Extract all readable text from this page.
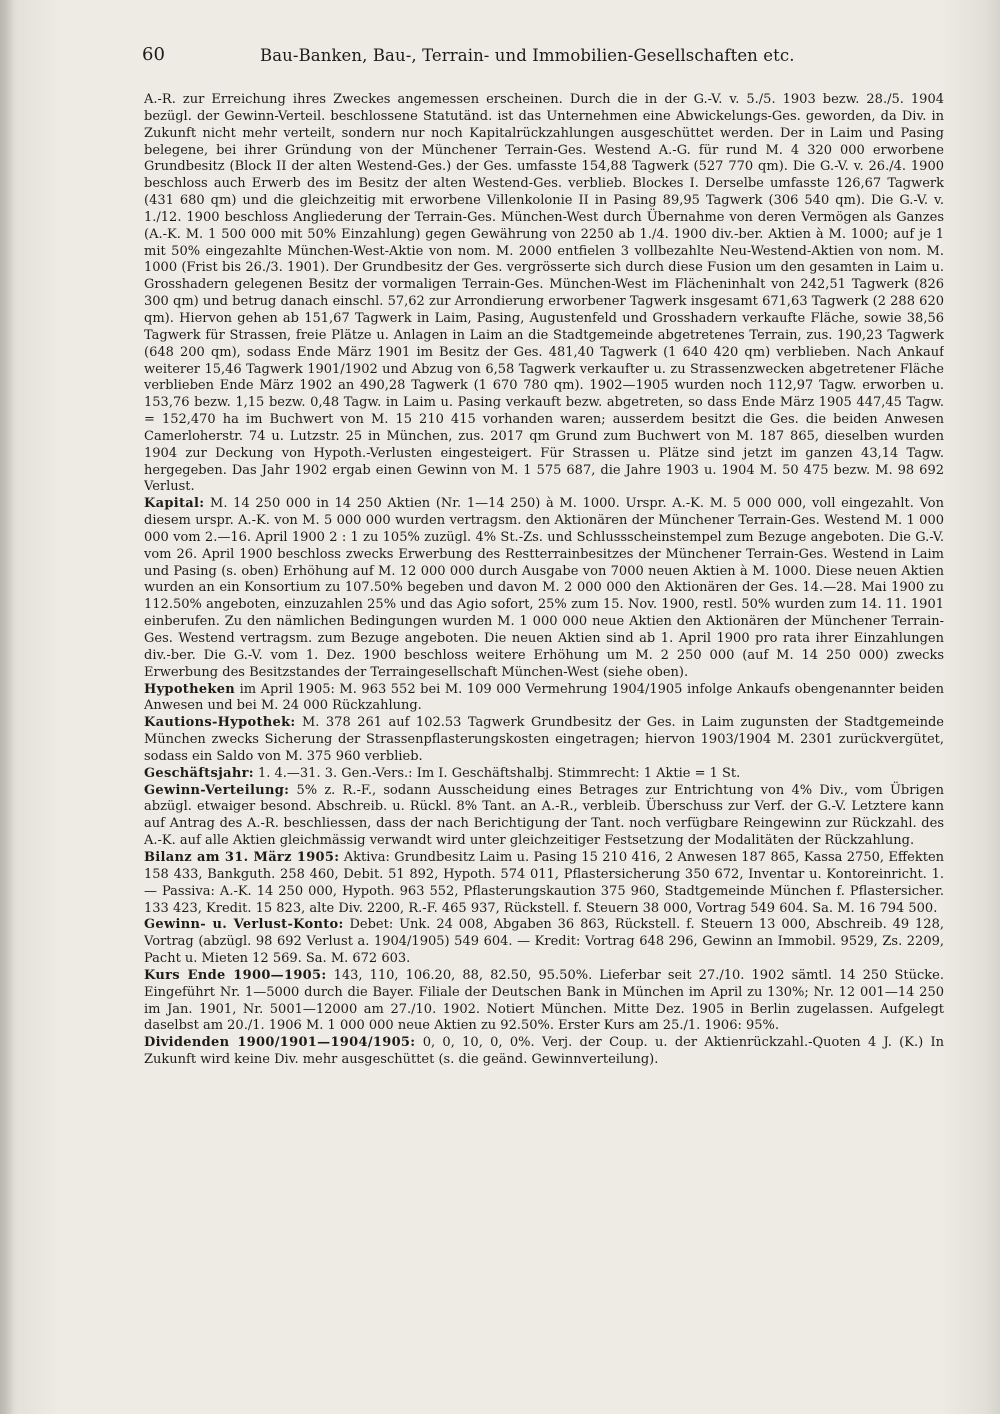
60	Bau-Banken, Bau-, Terrain- und Immobilien-Gesellschaften etc.

A.-R. zur Erreichung ihres Zweckes angemessen erscheinen. Durch die in der G.-V. v. 5./5. 1903 bezw. 28./5. 1904 bezügl. der Gewinn-Verteil. beschlossene Statutänd. ist das Unternehmen eine Abwickelungs-Ges. geworden, da Div. in Zukunft nicht mehr verteilt, sondern nur noch Kapitalrückzahlungen ausgeschüttet werden. Der in Laim und Pasing belegene, bei ihrer Gründung von der Münchener Terrain-Ges. Westend A.-G. für rund M. 4 320 000 erworbene Grundbesitz (Block II der alten Westend-Ges.) der Ges. umfasste 154,88 Tagwerk (527 770 qm). Die G.-V. v. 26./4. 1900 beschloss auch Erwerb des im Besitz der alten Westend-Ges. verblieb. Blockes I. Derselbe umfasste 126,67 Tagwerk (431 680 qm) und die gleichzeitig mit erworbene Villenkolonie II in Pasing 89,95 Tagwerk (306 540 qm). Die G.-V. v. 1./12. 1900 beschloss Angliederung der Terrain-Ges. München-West durch Übernahme von deren Vermögen als Ganzes (A.-K. M. 1 500 000 mit 50% Einzahlung) gegen Gewährung von 2250 ab 1./4. 1900 div.-ber. Aktien à M. 1000; auf je 1 mit 50% eingezahlte München-West-Aktie von nom. M. 2000 entfielen 3 vollbezahlte Neu-Westend-Aktien von nom. M. 1000 (Frist bis 26./3. 1901). Der Grundbesitz der Ges. vergrösserte sich durch diese Fusion um den gesamten in Laim u. Grosshadern gelegenen Besitz der vormaligen Terrain-Ges. München-West im Flächeninhalt von 242,51 Tagwerk (826 300 qm) und betrug danach einschl. 57,62 zur Arrondierung erworbener Tagwerk insgesamt 671,63 Tagwerk (2 288 620 qm). Hiervon gehen ab 151,67 Tagwerk in Laim, Pasing, Augustenfeld und Grosshadern verkaufte Fläche, sowie 38,56 Tagwerk für Strassen, freie Plätze u. Anlagen in Laim an die Stadtgemeinde abgetretenes Terrain, zus. 190,23 Tagwerk (648 200 qm), sodass Ende März 1901 im Besitz der Ges. 481,40 Tagwerk (1 640 420 qm) verblieben. Nach Ankauf weiterer 15,46 Tagwerk 1901/1902 und Abzug von 6,58 Tagwerk verkaufter u. zu Strassenzwecken abgetretener Fläche verblieben Ende März 1902 an 490,28 Tagwerk (1 670 780 qm). 1902—1905 wurden noch 112,97 Tagw. erworben u. 153,76 bezw. 1,15 bezw. 0,48 Tagw. in Laim u. Pasing verkauft bezw. abgetreten, so dass Ende März 1905 447,45 Tagw. = 152,470 ha im Buchwert von M. 15 210 415 vorhanden waren; ausserdem besitzt die Ges. die beiden Anwesen Camerloherstr. 74 u. Lutzstr. 25 in München, zus. 2017 qm Grund zum Buchwert von M. 187 865, dieselben wurden 1904 zur Deckung von Hypoth.-Verlusten eingesteigert. Für Strassen u. Plätze sind jetzt im ganzen 43,14 Tagw. hergegeben. Das Jahr 1902 ergab einen Gewinn von M. 1 575 687, die Jahre 1903 u. 1904 M. 50 475 bezw. M. 98 692 Verlust.

Kapital: M. 14 250 000 in 14 250 Aktien (Nr. 1—14 250) à M. 1000. Urspr. A.-K. M. 5 000 000, voll eingezahlt. Von diesem urspr. A.-K. von M. 5 000 000 wurden vertragsm. den Aktionären der Münchener Terrain-Ges. Westend M. 1 000 000 vom 2.—16. April 1900 2 : 1 zu 105% zuzügl. 4% St.-Zs. und Schlussscheinstempel zum Bezuge angeboten. Die G.-V. vom 26. April 1900 beschloss zwecks Erwerbung des Restterrainbesitzes der Münchener Terrain-Ges. Westend in Laim und Pasing (s. oben) Erhöhung auf M. 12 000 000 durch Ausgabe von 7000 neuen Aktien à M. 1000. Diese neuen Aktien wurden an ein Konsortium zu 107.50% begeben und davon M. 2 000 000 den Aktionären der Ges. 14.—28. Mai 1900 zu 112.50% angeboten, einzuzahlen 25% und das Agio sofort, 25% zum 15. Nov. 1900, restl. 50% wurden zum 14. 11. 1901 einberufen. Zu den nämlichen Bedingungen wurden M. 1 000 000 neue Aktien den Aktionären der Münchener Terrain-Ges. Westend vertragsm. zum Bezuge angeboten. Die neuen Aktien sind ab 1. April 1900 pro rata ihrer Einzahlungen div.-ber. Die G.-V. vom 1. Dez. 1900 beschloss weitere Erhöhung um M. 2 250 000 (auf M. 14 250 000) zwecks Erwerbung des Besitzstandes der Terraingesellschaft München-West (siehe oben).

Hypotheken im April 1905: M. 963 552 bei M. 109 000 Vermehrung 1904/1905 infolge Ankaufs obengenannter beiden Anwesen und bei M. 24 000 Rückzahlung.

Kautions-Hypothek: M. 378 261 auf 102.53 Tagwerk Grundbesitz der Ges. in Laim zugunsten der Stadtgemeinde München zwecks Sicherung der Strassenpflasterungskosten eingetragen; hiervon 1903/1904 M. 2301 zurückvergütet, sodass ein Saldo von M. 375 960 verblieb.

Geschäftsjahr: 1. 4.—31. 3. Gen.-Vers.: Im I. Geschäftshalbj. Stimmrecht: 1 Aktie = 1 St.

Gewinn-Verteilung: 5% z. R.-F., sodann Ausscheidung eines Betrages zur Entrichtung von 4% Div., vom Übrigen abzügl. etwaiger besond. Abschreib. u. Rückl. 8% Tant. an A.-R., verbleib. Überschuss zur Verf. der G.-V. Letztere kann auf Antrag des A.-R. beschliessen, dass der nach Berichtigung der Tant. noch verfügbare Reingewinn zur Rückzahl. des A.-K. auf alle Aktien gleichmässig verwandt wird unter gleichzeitiger Festsetzung der Modalitäten der Rückzahlung.

Bilanz am 31. März 1905: Aktiva: Grundbesitz Laim u. Pasing 15 210 416, 2 Anwesen 187 865, Kassa 2750, Effekten 158 433, Bankguth. 258 460, Debit. 51 892, Hypoth. 574 011, Pflastersicherung 350 672, Inventar u. Kontoreinricht. 1. — Passiva: A.-K. 14 250 000, Hypoth. 963 552, Pflasterungskaution 375 960, Stadtgemeinde München f. Pflastersicher. 133 423, Kredit. 15 823, alte Div. 2200, R.-F. 465 937, Rückstell. f. Steuern 38 000, Vortrag 549 604. Sa. M. 16 794 500.

Gewinn- u. Verlust-Konto: Debet: Unk. 24 008, Abgaben 36 863, Rückstell. f. Steuern 13 000, Abschreib. 49 128, Vortrag (abzügl. 98 692 Verlust a. 1904/1905) 549 604. — Kredit: Vortrag 648 296, Gewinn an Immobil. 9529, Zs. 2209, Pacht u. Mieten 12 569. Sa. M. 672 603.

Kurs Ende 1900—1905: 143, 110, 106.20, 88, 82.50, 95.50%. Lieferbar seit 27./10. 1902 sämtl. 14 250 Stücke. Eingeführt Nr. 1—5000 durch die Bayer. Filiale der Deutschen Bank in München im April zu 130%; Nr. 12 001—14 250 im Jan. 1901, Nr. 5001—12000 am 27./10. 1902. Notiert München. Mitte Dez. 1905 in Berlin zugelassen. Aufgelegt daselbst am 20./1. 1906 M. 1 000 000 neue Aktien zu 92.50%. Erster Kurs am 25./1. 1906: 95%.

Dividenden 1900/1901—1904/1905: 0, 0, 10, 0, 0%. Verj. der Coup. u. der Aktienrückzahl.-Quoten 4 J. (K.) In Zukunft wird keine Div. mehr ausgeschüttet (s. die geänd. Gewinnverteilung).
